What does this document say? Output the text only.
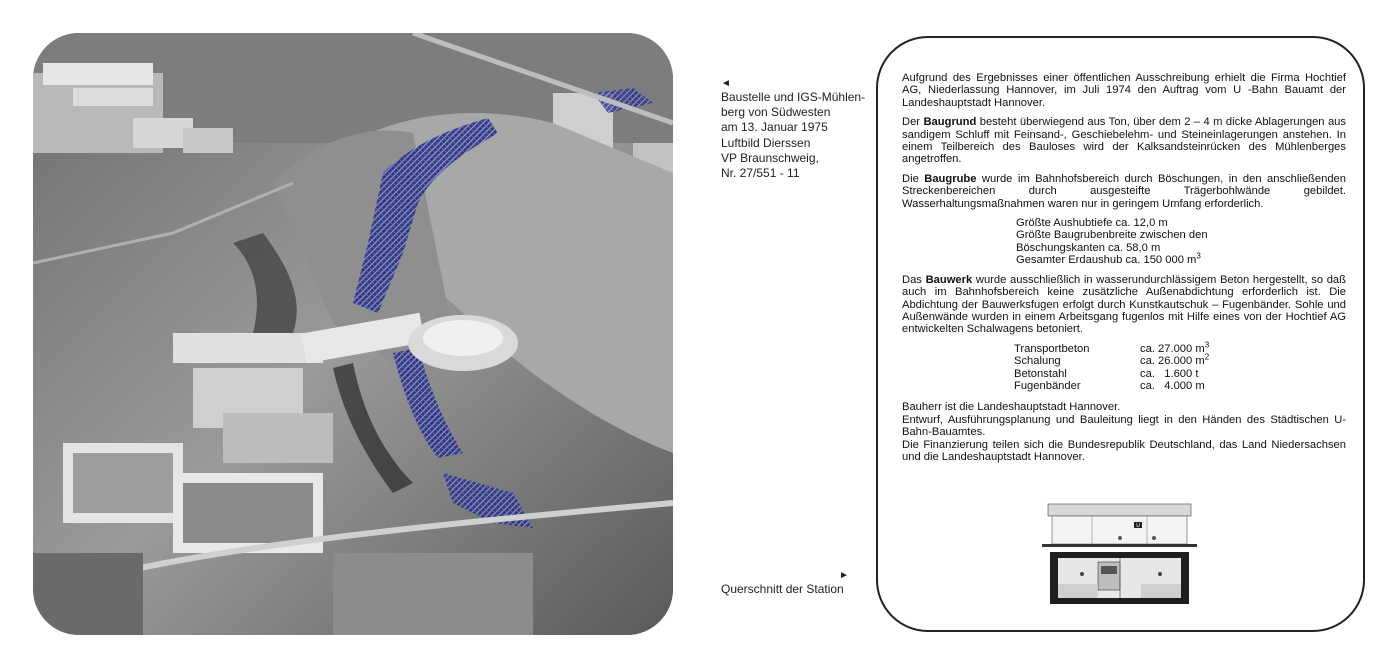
◄
Baustelle und IGS-Mühlen-
berg von Südwesten
am 13. Januar 1975
Luftbild Dierssen
VP Braunschweig,
Nr. 27/551 - 11
►
Querschnitt der Station

Aufgrund des Ergebnisses einer öffentlichen Ausschreibung erhielt die Firma Hochtief AG, Niederlassung Hannover, im Juli 1974 den Auftrag vom U -Bahn Bauamt der Landeshauptstadt Hannover.

Der Baugrund besteht überwiegend aus Ton, über dem 2 – 4 m dicke Ablagerungen aus sandigem Schluff mit Feinsand-, Geschiebelehm- und Steineinlagerungen anstehen. In einem Teilbereich des Bauloses wird der Kalksandsteinrücken des Mühlenberges angetroffen.

Die Baugrube wurde im Bahnhofsbereich durch Böschungen, in den anschließenden Streckenbereichen durch ausgesteifte Trägerbohlwände gebildet. Wasserhaltungsmaßnahmen waren nur in geringem Umfang erforderlich.

Größte Aushubtiefe ca. 12,0 m
Größte Baugrubenbreite zwischen den
Böschungskanten ca. 58,0 m
Gesamter Erdaushub ca. 150 000 $m^3$

Das Bauwerk wurde ausschließlich in wasserundurchlässigem Beton hergestellt, so daß auch im Bahnhofsbereich keine zusätzliche Außenabdichtung erforderlich ist. Die Abdichtung der Bauwerksfugen erfolgt durch Kunstkautschuk – Fugenbänder. Sohle und Außenwände wurden in einem Arbeitsgang fugenlos mit Hilfe eines von der Hochtief AG entwickelten Schalwagens betoniert.

Transportbeton	ca. 27.000 $m^3$
Schalung	ca. 26.000 $m^2$
Betonstahl	ca.   1.600 t
Fugenbänder	ca.   4.000 m
Bauherr ist die Landeshauptstadt Hannover.
Entwurf, Ausführungsplanung und Bauleitung liegt in den Händen des Städtischen U-Bahn-Bauamtes.
Die Finanzierung teilen sich die Bundesrepublik Deutschland, das Land Niedersachsen und die Landeshauptstadt Hannover.
U
